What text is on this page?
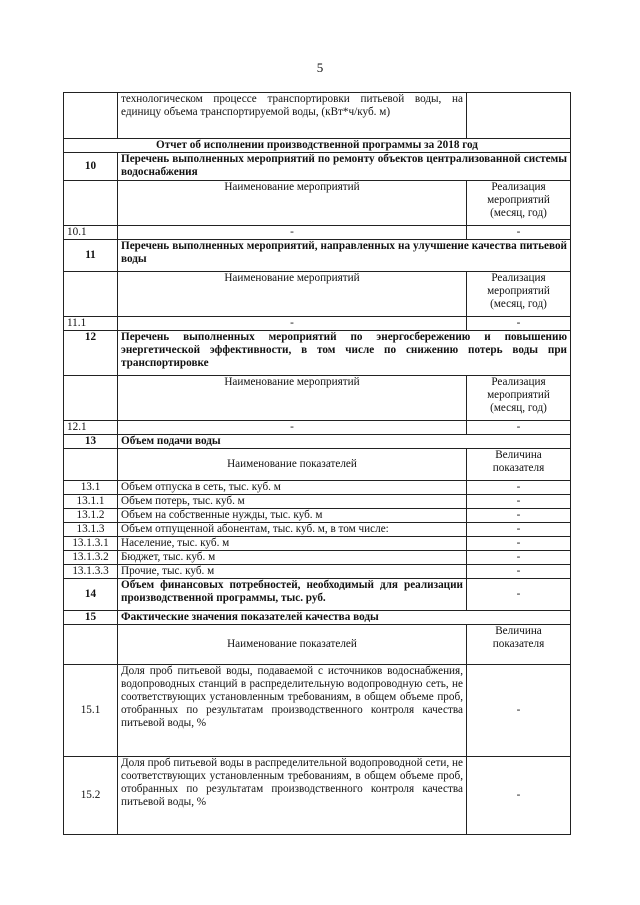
5
	технологическом процессе транспортировки питьевой воды, на единицу объема транспортируемой воды, (кВт*ч/куб. м)	
Отчет об исполнении производственной программы за 2018 год		
10	Перечень выполненных мероприятий по ремонту объектов централизованной системы водоснабжения	
	Наименование мероприятий	Реализация мероприятий (месяц, год)
10.1	-	-
11	Перечень выполненных мероприятий, направленных на улучшение качества питьевой воды	
	Наименование мероприятий	Реализация мероприятий (месяц, год)
11.1	-	-
12	Перечень выполненных мероприятий по энергосбережению и повышению энергетической эффективности, в том числе по снижению потерь воды при транспортировке	
	Наименование мероприятий	Реализация мероприятий (месяц, год)
12.1	-	-
13	Объем подачи воды	
	Наименование показателей	Величина показателя
13.1	Объем отпуска в сеть, тыс. куб. м	-
13.1.1	Объем потерь, тыс. куб. м	-
13.1.2	Объем на собственные нужды, тыс. куб. м	-
13.1.3	Объем отпущенной абонентам, тыс. куб. м, в том числе:	-
13.1.3.1	Население, тыс. куб. м	-
13.1.3.2	Бюджет, тыс. куб. м	-
13.1.3.3	Прочие, тыс. куб. м	-
14	Объем финансовых потребностей, необходимый для реализации производственной программы, тыс. руб.	-
15	Фактические значения показателей качества воды	
	Наименование показателей	Величина показателя
15.1	Доля проб питьевой воды, подаваемой с источников водоснабжения, водопроводных станций в распределительную водопроводную сеть, не соответствующих установленным требованиям, в общем объеме проб, отобранных по результатам производственного контроля качества питьевой воды, %	-
15.2	Доля проб питьевой воды в распределительной водопроводной сети, не соответствующих установленным требованиям, в общем объеме проб, отобранных по результатам производственного контроля качества питьевой воды, %	-
